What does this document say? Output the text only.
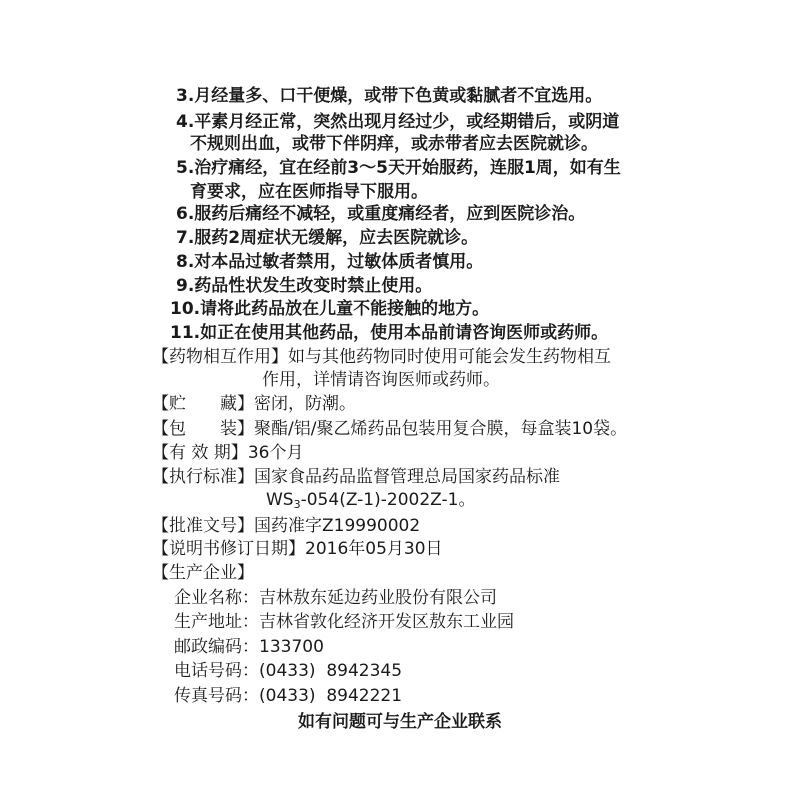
3.月经量多、口干便燥，或带下色黄或黏腻者不宜选用。
4.平素月经正常，突然出现月经过少，或经期错后，或阴道
不规则出血，或带下伴阴痒，或赤带者应去医院就诊。
5.治疗痛经，宜在经前3～5天开始服药，连服1周，如有生
育要求，应在医师指导下服用。
6.服药后痛经不减轻，或重度痛经者，应到医院诊治。
7.服药2周症状无缓解，应去医院就诊。
8.对本品过敏者禁用，过敏体质者慎用。
9.药品性状发生改变时禁止使用。
10.请将此药品放在儿童不能接触的地方。
11.如正在使用其他药品，使用本品前请咨询医师或药师。
【药物相互作用】如与其他药物同时使用可能会发生药物相互
作用，详情请咨询医师或药师。
【贮　　藏】密闭，防潮。
【包　　装】聚酯/铝/聚乙烯药品包装用复合膜，每盒装10袋。
【有 效 期】36个月
【执行标准】国家食品药品监督管理总局国家药品标准
$WS_3-054(Z-1)-2002Z-1$。
【批准文号】国药准字Z19990002
【说明书修订日期】2016年05月30日
【生产企业】
企业名称：吉林敖东延边药业股份有限公司
生产地址：吉林省敦化经济开发区敖东工业园
邮政编码：133700
电话号码：(0433)  8942345
传真号码：(0433)  8942221
如有问题可与生产企业联系
